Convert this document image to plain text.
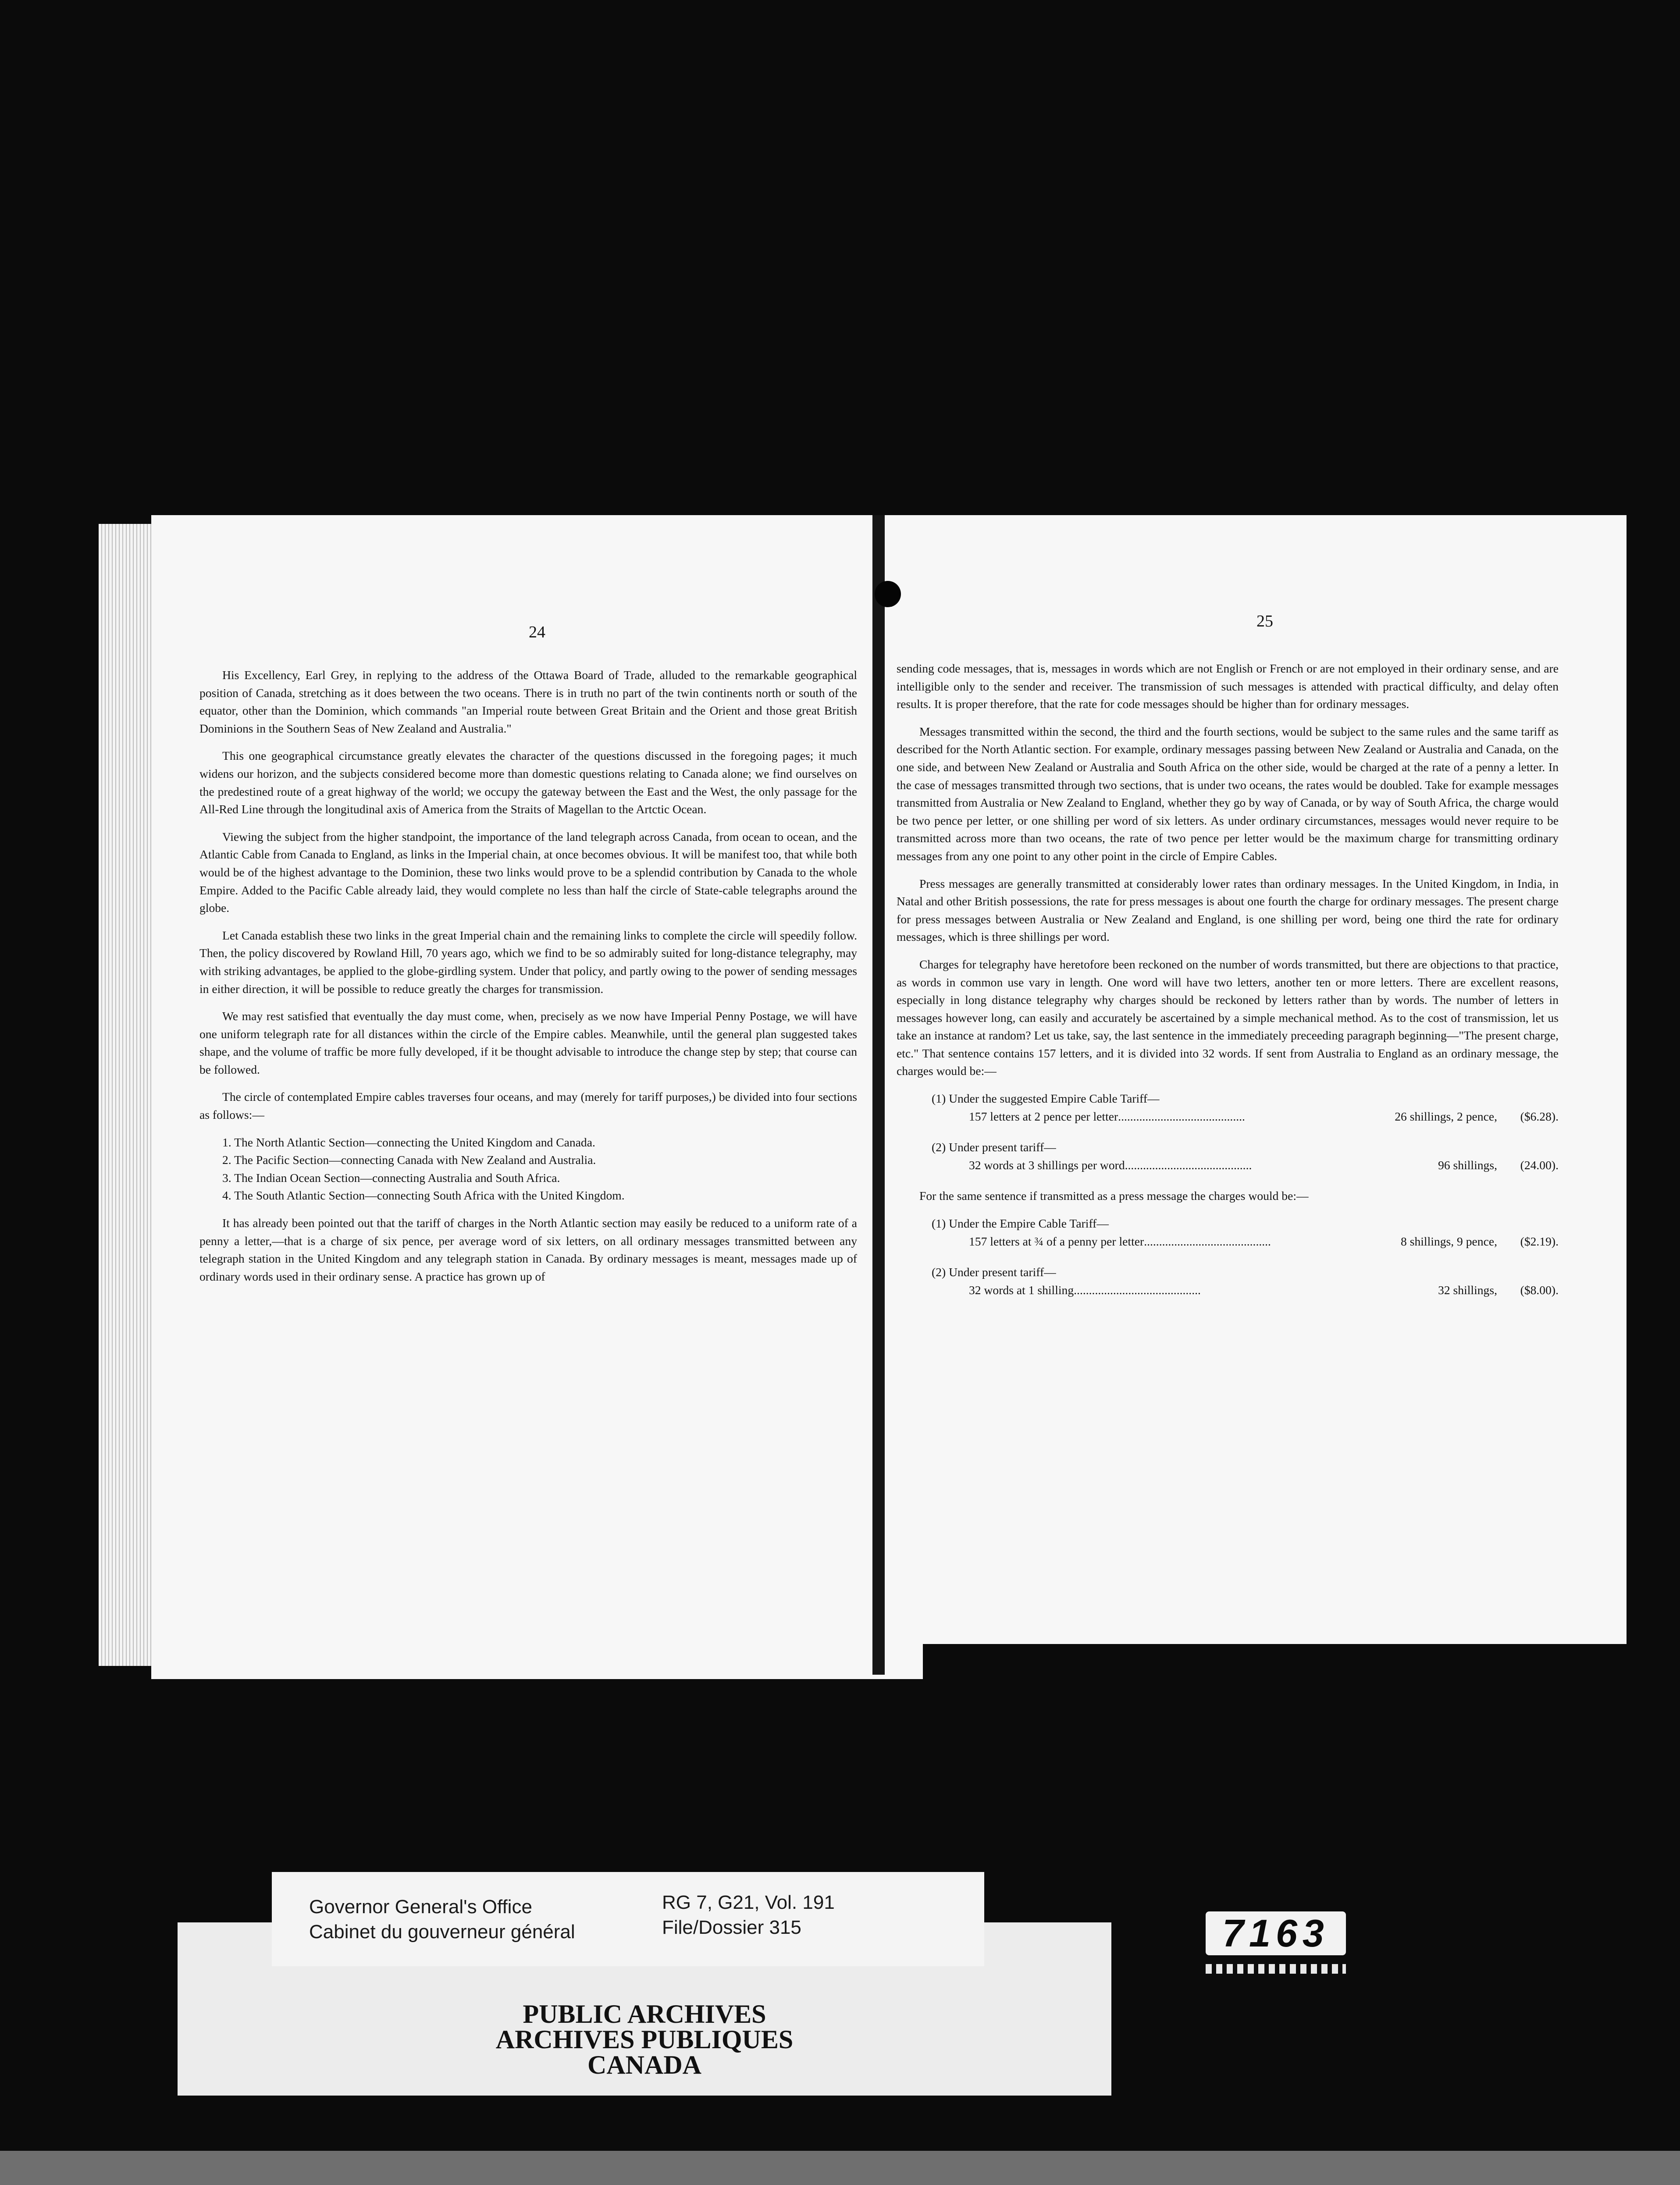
24

His Excellency, Earl Grey, in replying to the address of the Ottawa Board of Trade, alluded to the remarkable geographical position of Canada, stretching as it does between the two oceans. There is in truth no part of the twin continents north or south of the equator, other than the Dominion, which commands "an Imperial route between Great Britain and the Orient and those great British Dominions in the Southern Seas of New Zealand and Australia."

This one geographical circumstance greatly elevates the character of the questions discussed in the foregoing pages; it much widens our horizon, and the subjects considered become more than domestic questions relating to Canada alone; we find ourselves on the predestined route of a great highway of the world; we occupy the gateway between the East and the West, the only passage for the All-Red Line through the longitudinal axis of America from the Straits of Magellan to the Artctic Ocean.

Viewing the subject from the higher standpoint, the importance of the land telegraph across Canada, from ocean to ocean, and the Atlantic Cable from Canada to England, as links in the Imperial chain, at once becomes obvious. It will be manifest too, that while both would be of the highest advantage to the Dominion, these two links would prove to be a splendid contribution by Canada to the whole Empire. Added to the Pacific Cable already laid, they would complete no less than half the circle of State-cable telegraphs around the globe.

Let Canada establish these two links in the great Imperial chain and the remaining links to complete the circle will speedily follow. Then, the policy discovered by Rowland Hill, 70 years ago, which we find to be so admirably suited for long-distance telegraphy, may with striking advantages, be applied to the globe-girdling system. Under that policy, and partly owing to the power of sending messages in either direction, it will be possible to reduce greatly the charges for transmission.

We may rest satisfied that eventually the day must come, when, precisely as we now have Imperial Penny Postage, we will have one uniform telegraph rate for all distances within the circle of the Empire cables. Meanwhile, until the general plan suggested takes shape, and the volume of traffic be more fully developed, if it be thought advisable to introduce the change step by step; that course can be followed.

The circle of contemplated Empire cables traverses four oceans, and may (merely for tariff purposes,) be divided into four sections as follows:—

1. The North Atlantic Section—connecting the United Kingdom and Canada.
2. The Pacific Section—connecting Canada with New Zealand and Australia.
3. The Indian Ocean Section—connecting Australia and South Africa.
4. The South Atlantic Section—connecting South Africa with the United Kingdom.

It has already been pointed out that the tariff of charges in the North Atlantic section may easily be reduced to a uniform rate of a penny a letter,—that is a charge of six pence, per average word of six letters, on all ordinary messages transmitted between any telegraph station in the United Kingdom and any telegraph station in Canada. By ordinary messages is meant, messages made up of ordinary words used in their ordinary sense. A practice has grown up of

25

sending code messages, that is, messages in words which are not English or French or are not employed in their ordinary sense, and are intelligible only to the sender and receiver. The transmission of such messages is attended with practical difficulty, and delay often results. It is proper therefore, that the rate for code messages should be higher than for ordinary messages.

Messages transmitted within the second, the third and the fourth sections, would be subject to the same rules and the same tariff as described for the North Atlantic section. For example, ordinary messages passing between New Zealand or Australia and Canada, on the one side, and between New Zealand or Australia and South Africa on the other side, would be charged at the rate of a penny a letter. In the case of messages transmitted through two sections, that is under two oceans, the rates would be doubled. Take for example messages transmitted from Australia or New Zealand to England, whether they go by way of Canada, or by way of South Africa, the charge would be two pence per letter, or one shilling per word of six letters. As under ordinary circumstances, messages would never require to be transmitted across more than two oceans, the rate of two pence per letter would be the maximum charge for transmitting ordinary messages from any one point to any other point in the circle of Empire Cables.

Press messages are generally transmitted at considerably lower rates than ordinary messages. In the United Kingdom, in India, in Natal and other British possessions, the rate for press messages is about one fourth the charge for ordinary messages. The present charge for press messages between Australia or New Zealand and England, is one shilling per word, being one third the rate for ordinary messages, which is three shillings per word.

Charges for telegraphy have heretofore been reckoned on the number of words transmitted, but there are objections to that practice, as words in common use vary in length. One word will have two letters, another ten or more letters. There are excellent reasons, especially in long distance telegraphy why charges should be reckoned by letters rather than by words. The number of letters in messages however long, can easily and accurately be ascertained by a simple mechanical method. As to the cost of transmission, let us take an instance at random? Let us take, say, the last sentence in the immediately preceeding paragraph beginning—"The present charge, etc." That sentence contains 157 letters, and it is divided into 32 words. If sent from Australia to England as an ordinary message, the charges would be:—

(1) Under the suggested Empire Cable Tariff—
157 letters at 2 pence per letter ..........................................	26 shillings, 2 pence,	($6.28).
(2) Under present tariff—
32 words at 3 shillings per word ..........................................	96 shillings,	(24.00).
For the same sentence if transmitted as a press message the charges would be:—
(1) Under the Empire Cable Tariff—
157 letters at ¾ of a penny per letter ..........................................	8 shillings, 9 pence,	($2.19).
(2) Under present tariff—
32 words at 1 shilling ..........................................	32 shillings,	($8.00).
PUBLIC ARCHIVES
ARCHIVES PUBLIQUES
CANADA
Governor General's Office
Cabinet du gouverneur général
RG 7, G21, Vol. 191
File/Dossier 315	7163
